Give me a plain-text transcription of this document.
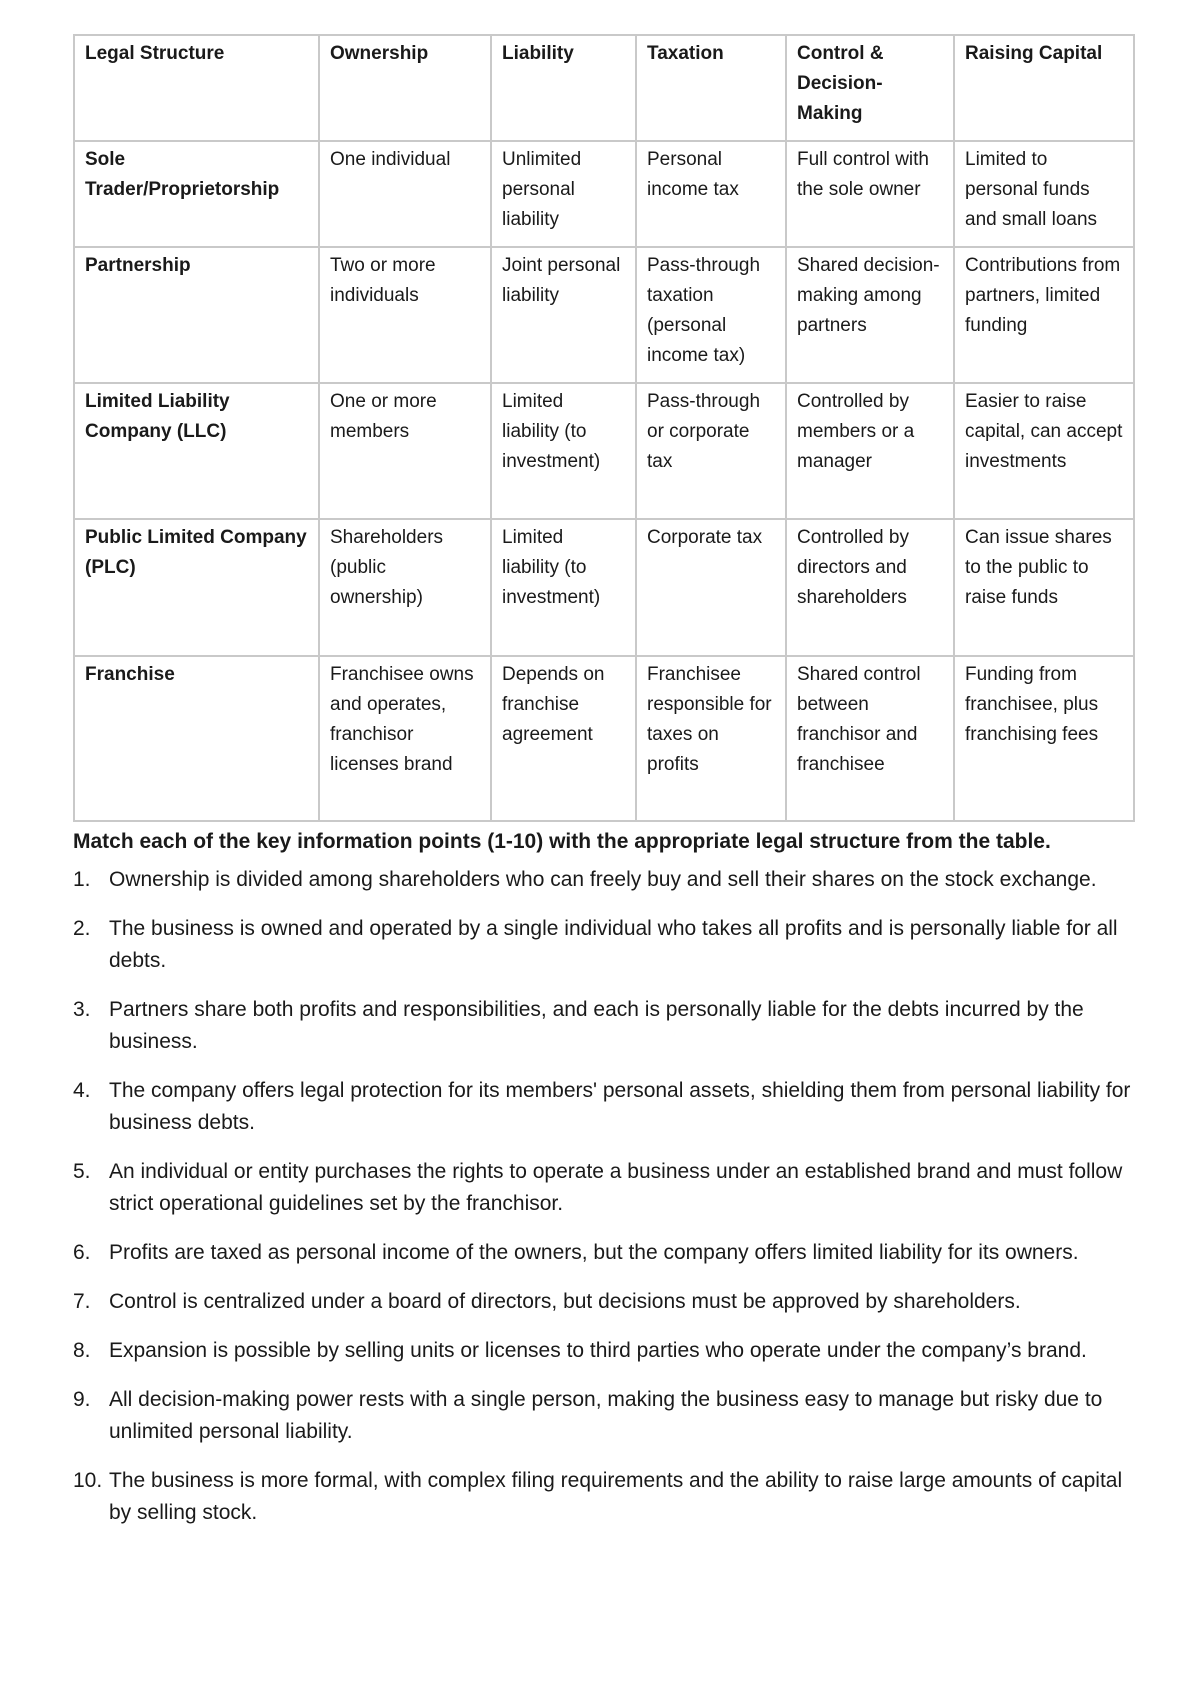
Legal Structure	Ownership	Liability	Taxation	Control & Decision-Making	Raising Capital
Sole Trader/Proprietorship	One individual	Unlimited personal liability	Personal income tax	Full control with the sole owner	Limited to personal funds and small loans
Partnership	Two or more individuals	Joint personal liability	Pass-through taxation (personal income tax)	Shared decision-making among partners	Contributions from partners, limited funding
Limited Liability Company (LLC)	One or more members	Limited liability (to investment)	Pass-through or corporate tax	Controlled by members or a manager	Easier to raise capital, can accept investments
Public Limited Company (PLC)	Shareholders (public ownership)	Limited liability (to investment)	Corporate tax	Controlled by directors and shareholders	Can issue shares to the public to raise funds
Franchise	Franchisee owns and operates, franchisor licenses brand	Depends on franchise agreement	Franchisee responsible for taxes on profits	Shared control between franchisor and franchisee	Funding from franchisee, plus franchising fees
Match each of the key information points (1-10) with the appropriate legal structure from the table.
1. Ownership is divided among shareholders who can freely buy and sell their shares on the stock exchange.
2. The business is owned and operated by a single individual who takes all profits and is personally liable for all debts.
3. Partners share both profits and responsibilities, and each is personally liable for the debts incurred by the business.
4. The company offers legal protection for its members' personal assets, shielding them from personal liability for business debts.
5. An individual or entity purchases the rights to operate a business under an established brand and must follow strict operational guidelines set by the franchisor.
6. Profits are taxed as personal income of the owners, but the company offers limited liability for its owners.
7. Control is centralized under a board of directors, but decisions must be approved by shareholders.
8. Expansion is possible by selling units or licenses to third parties who operate under the company’s brand.
9. All decision-making power rests with a single person, making the business easy to manage but risky due to unlimited personal liability.
10. The business is more formal, with complex filing requirements and the ability to raise large amounts of capital by selling stock.
